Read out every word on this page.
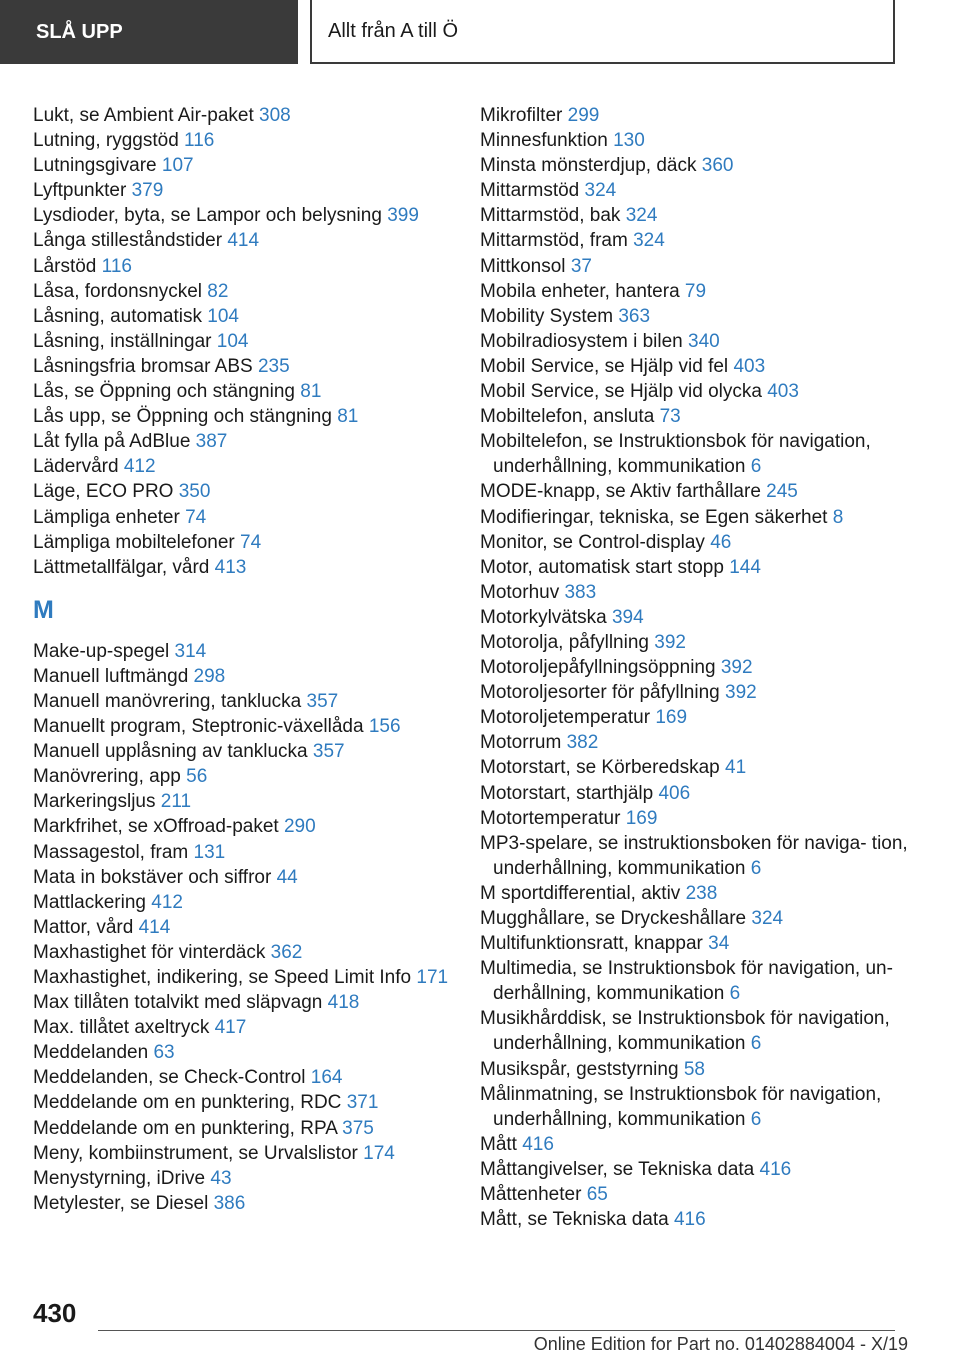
SLÅ UPP	Allt från A till Ö

Lukt, se Ambient Air-paket 308

Lutning, ryggstöd 116

Lutningsgivare 107

Lyftpunkter 379

Lysdioder, byta, se Lampor och belysning 399

Långa stilleståndstider 414

Lårstöd 116

Låsa, fordonsnyckel 82

Låsning, automatisk 104

Låsning, inställningar 104

Låsningsfria bromsar ABS 235

Lås, se Öppning och stängning 81

Lås upp, se Öppning och stängning 81

Låt fylla på AdBlue 387

Lädervård 412

Läge, ECO PRO 350

Lämpliga enheter 74

Lämpliga mobiltelefoner 74

Lättmetallfälgar, vård 413

M

Make-up-spegel 314

Manuell luftmängd 298

Manuell manövrering, tanklucka 357

Manuellt program, Steptronic-växellåda 156

Manuell upplåsning av tanklucka 357

Manövrering, app 56

Markeringsljus 211

Markfrihet, se xOffroad-paket 290

Massagestol, fram 131

Mata in bokstäver och siffror 44

Mattlackering 412

Mattor, vård 414

Maxhastighet för vinterdäck 362

Maxhastighet, indikering, se Speed Limit Info 171

Max tillåten totalvikt med släpvagn 418

Max. tillåtet axeltryck 417

Meddelanden 63

Meddelanden, se Check-Control 164

Meddelande om en punktering, RDC 371

Meddelande om en punktering, RPA 375

Meny, kombiinstrument, se Urvalslistor 174

Menystyrning, iDrive 43

Metylester, se Diesel 386

Mikrofilter 299

Minnesfunktion 130

Minsta mönsterdjup, däck 360

Mittarmstöd 324

Mittarmstöd, bak 324

Mittarmstöd, fram 324

Mittkonsol 37

Mobila enheter, hantera 79

Mobility System 363

Mobilradiosystem i bilen 340

Mobil Service, se Hjälp vid fel 403

Mobil Service, se Hjälp vid olycka 403

Mobiltelefon, ansluta 73

Mobiltelefon, se Instruktionsbok för navigation, underhållning, kommunikation 6

MODE-knapp, se Aktiv farthållare 245

Modifieringar, tekniska, se Egen säkerhet 8

Monitor, se Control-display 46

Motor, automatisk start stopp 144

Motorhuv 383

Motorkylvätska 394

Motorolja, påfyllning 392

Motoroljepåfyllningsöppning 392

Motoroljesorter för påfyllning 392

Motoroljetemperatur 169

Motorrum 382

Motorstart, se Körberedskap 41

Motorstart, starthjälp 406

Motortemperatur 169

MP3-spelare, se instruktionsboken för naviga‐ tion, underhållning, kommunikation 6

M sportdifferential, aktiv 238

Mugghållare, se Dryckeshållare 324

Multifunktionsratt, knappar 34

Multimedia, se Instruktionsbok för navigation, un‐ derhållning, kommunikation 6

Musikhårddisk, se Instruktionsbok för navigation, underhållning, kommunikation 6

Musikspår, geststyrning 58

Målinmatning, se Instruktionsbok för navigation, underhållning, kommunikation 6

Mått 416

Måttangivelser, se Tekniska data 416

Måttenheter 65

Mått, se Tekniska data 416

430
Online Edition for Part no. 01402884004 - X/19
